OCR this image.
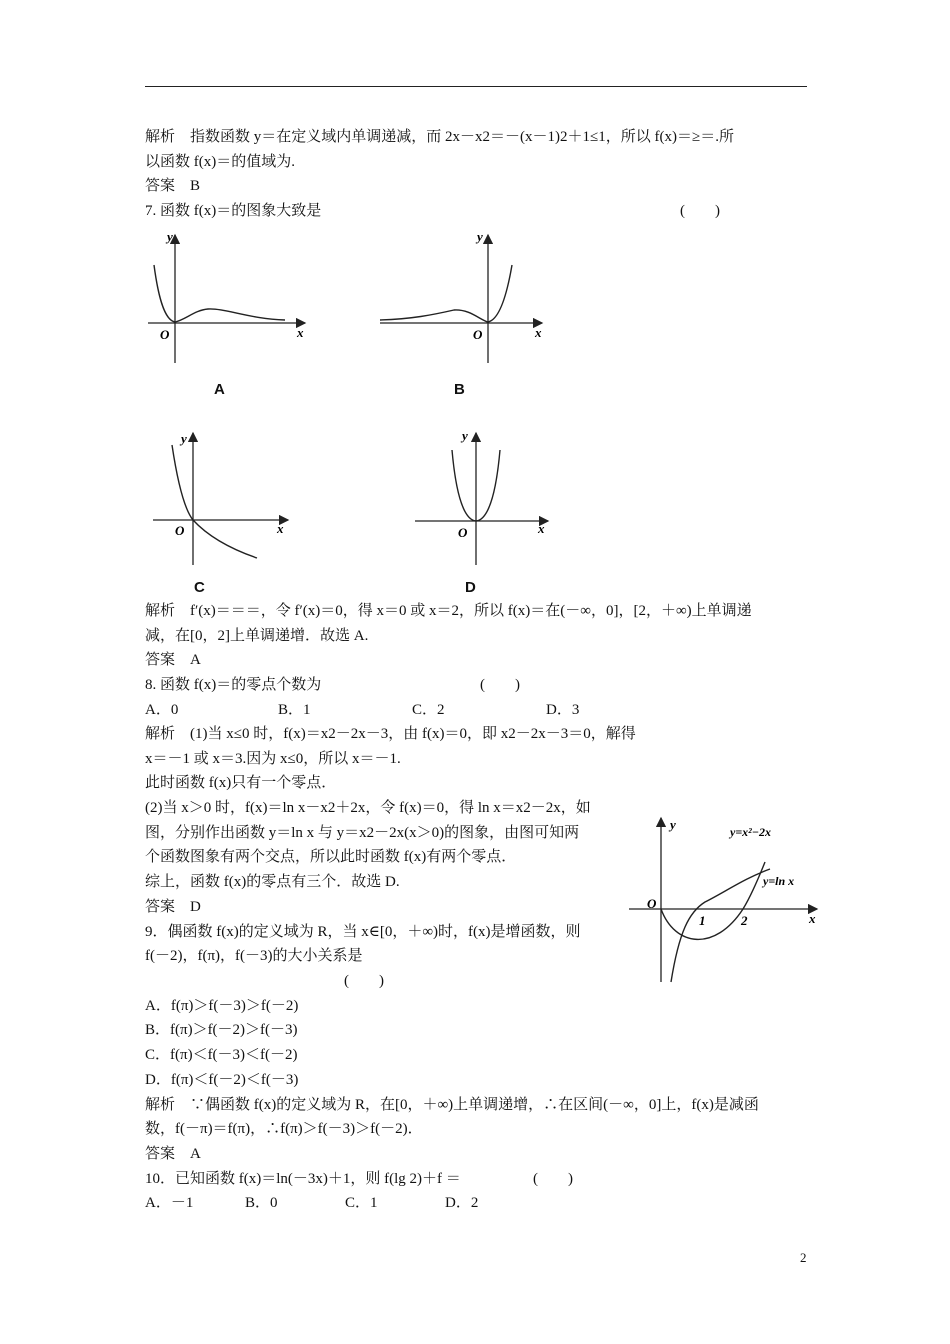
解析　指数函数 y＝在定义域内单调递减，而 2x－x2＝－(x－1)2＋1≤1，所以 f(x)＝≥＝.所
以函数 f(x)＝的值域为.
答案　B
7. 函数 f(x)＝的图象大致是	(　　)
y
x
O
A
y
x
O
B
y
x
O
C
y
x
O
D
解析　f′(x)＝＝＝，令 f′(x)＝0，得 x＝0 或 x＝2，所以 f(x)＝在(－∞，0]，[2，＋∞)上单调递
减，在[0，2]上单调递增．故选 A.
答案　A
8. 函数 f(x)＝的零点个数为	(　　)
A．0	B．1	C．2	D．3
解析　(1)当 x≤0 时，f(x)＝x2－2x－3，由 f(x)＝0，即 x2－2x－3＝0，解得
x＝－1 或 x＝3.因为 x≤0，所以 x＝－1.
此时函数 f(x)只有一个零点．
(2)当 x＞0 时，f(x)＝ln x－x2＋2x，令 f(x)＝0，得 ln x＝x2－2x，如
图，分别作出函数 y＝ln x 与 y＝x2－2x(x＞0)的图象，由图可知两
个函数图象有两个交点，所以此时函数 f(x)有两个零点．
综上，函数 f(x)的零点有三个．故选 D.
答案　D
y
x
O
1	2
y=x²−2x
y=ln x
9．偶函数 f(x)的定义域为 R，当 x∈[0，＋∞)时，f(x)是增函数，则
f(－2)，f(π)，f(－3)的大小关系是
(　　)
A．f(π)＞f(－3)＞f(－2)
B．f(π)＞f(－2)＞f(－3)
C．f(π)＜f(－3)＜f(－2)
D．f(π)＜f(－2)＜f(－3)
解析　∵偶函数 f(x)的定义域为 R，在[0，＋∞)上单调递增，∴在区间(－∞，0]上，f(x)是减函
数，f(－π)＝f(π)，∴f(π)＞f(－3)＞f(－2)．
答案　A
10．已知函数 f(x)＝ln(－3x)＋1，则 f(lg 2)＋f ＝	(　　)
A．－1	B．0	C．1	D．2
2
